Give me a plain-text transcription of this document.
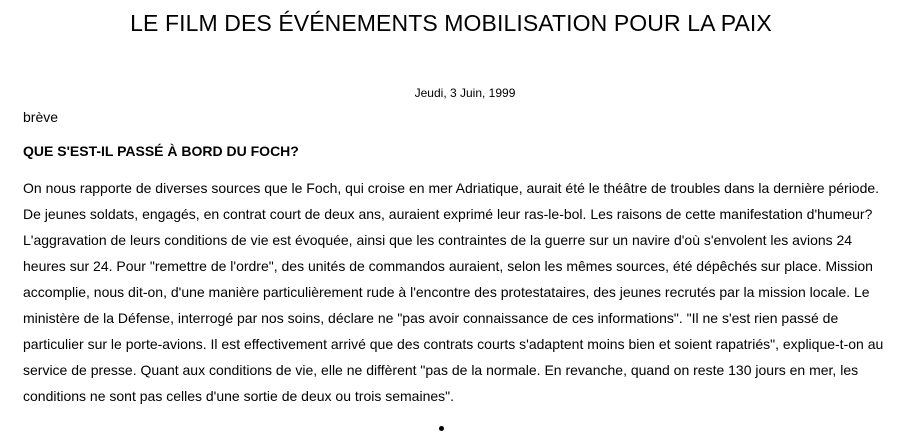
LE FILM DES ÉVÉNEMENTS MOBILISATION POUR LA PAIX
Jeudi, 3 Juin, 1999
brève
QUE S'EST-IL PASSÉ À BORD DU FOCH?

On nous rapporte de diverses sources que le Foch, qui croise en mer Adriatique, aurait été le théâtre de troubles dans la dernière période. De jeunes soldats, engagés, en contrat court de deux ans, auraient exprimé leur ras-le-bol. Les raisons de cette manifestation d'humeur? L'aggravation de leurs conditions de vie est évoquée, ainsi que les contraintes de la guerre sur un navire d'où s'envolent les avions 24 heures sur 24. Pour "remettre de l'ordre", des unités de commandos auraient, selon les mêmes sources, été dépêchés sur place. Mission accomplie, nous dit-on, d'une manière particulièrement rude à l'encontre des protestataires, des jeunes recrutés par la mission locale. Le ministère de la Défense, interrogé par nos soins, déclare ne "pas avoir connaissance de ces informations". "Il ne s'est rien passé de particulier sur le porte-avions. Il est effectivement arrivé que des contrats courts s'adaptent moins bien et soient rapatriés", explique-t-on au service de presse. Quant aux conditions de vie, elle ne diffèrent "pas de la normale. En revanche, quand on reste 130 jours en mer, les conditions ne sont pas celles d'une sortie de deux ou trois semaines".
